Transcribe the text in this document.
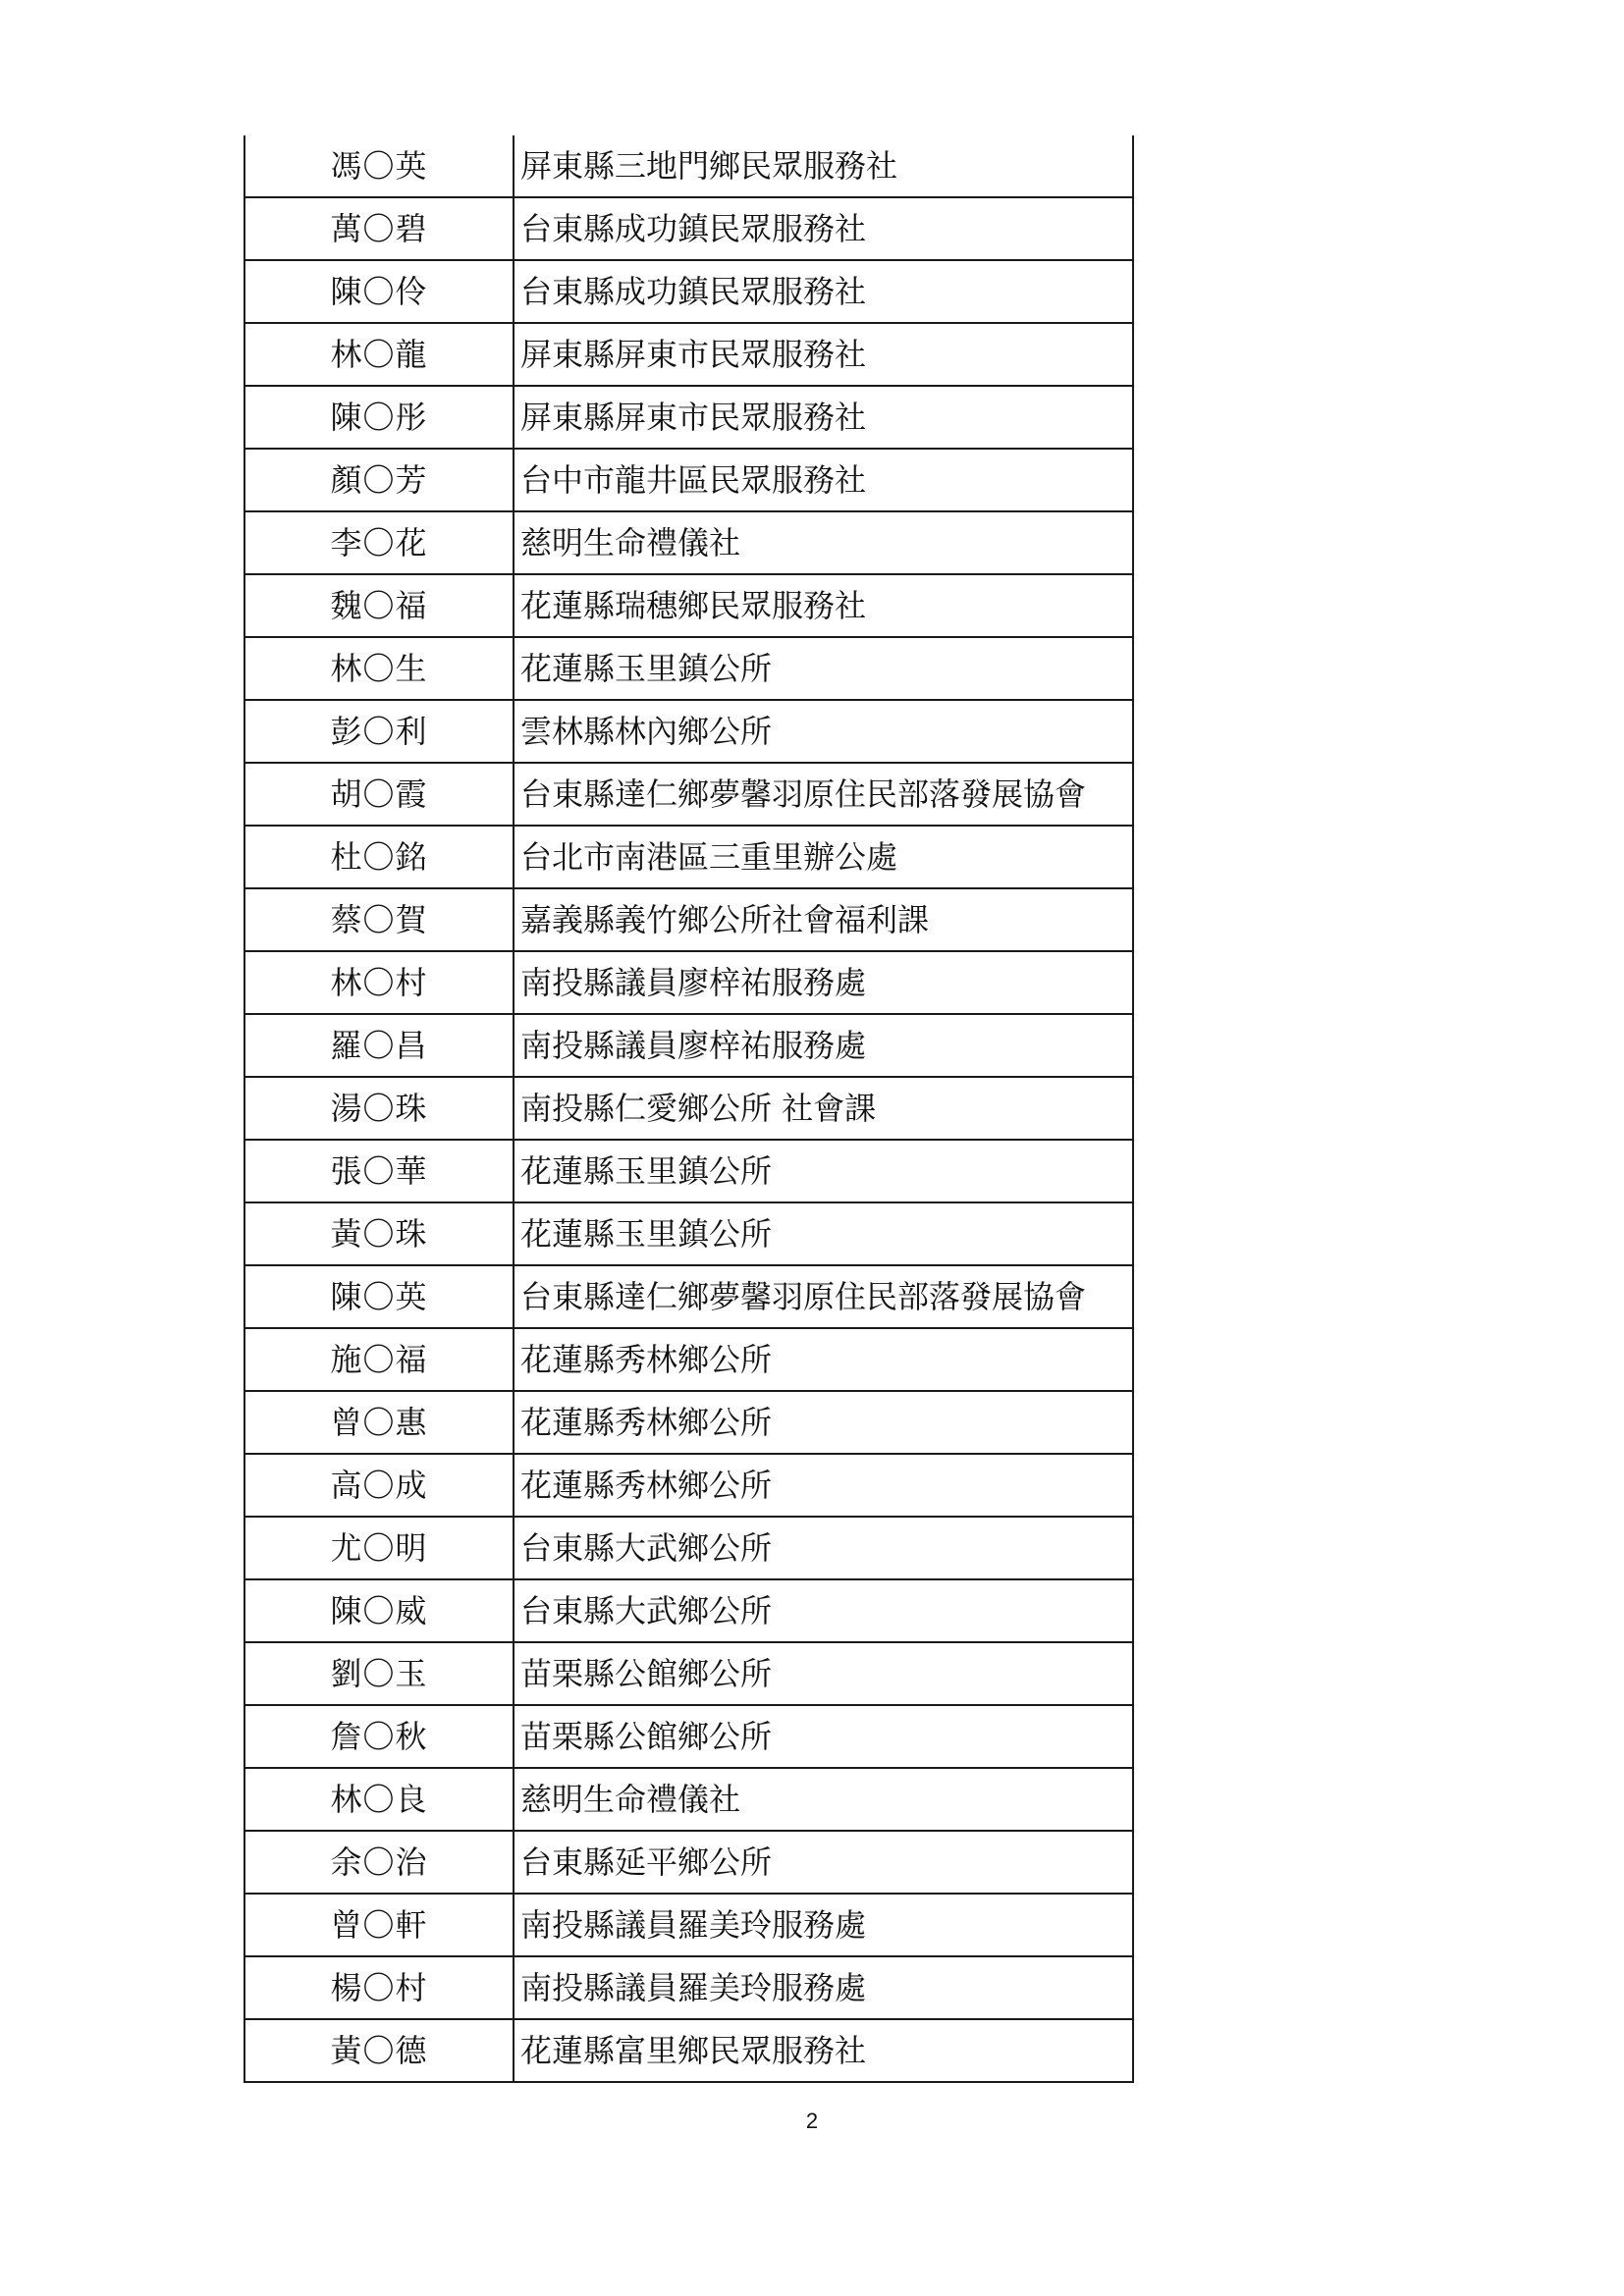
馮〇英	屏東縣三地門鄉民眾服務社
萬〇碧	台東縣成功鎮民眾服務社
陳〇伶	台東縣成功鎮民眾服務社
林〇龍	屏東縣屏東市民眾服務社
陳〇彤	屏東縣屏東市民眾服務社
顏〇芳	台中市龍井區民眾服務社
李〇花	慈明生命禮儀社
魏〇福	花蓮縣瑞穗鄉民眾服務社
林〇生	花蓮縣玉里鎮公所
彭〇利	雲林縣林內鄉公所
胡〇霞	台東縣達仁鄉夢馨羽原住民部落發展協會
杜〇銘	台北市南港區三重里辦公處
蔡〇賀	嘉義縣義竹鄉公所社會福利課
林〇村	南投縣議員廖梓祐服務處
羅〇昌	南投縣議員廖梓祐服務處
湯〇珠	南投縣仁愛鄉公所 社會課
張〇華	花蓮縣玉里鎮公所
黃〇珠	花蓮縣玉里鎮公所
陳〇英	台東縣達仁鄉夢馨羽原住民部落發展協會
施〇福	花蓮縣秀林鄉公所
曾〇惠	花蓮縣秀林鄉公所
高〇成	花蓮縣秀林鄉公所
尤〇明	台東縣大武鄉公所
陳〇威	台東縣大武鄉公所
劉〇玉	苗栗縣公館鄉公所
詹〇秋	苗栗縣公館鄉公所
林〇良	慈明生命禮儀社
余〇治	台東縣延平鄉公所
曾〇軒	南投縣議員羅美玲服務處
楊〇村	南投縣議員羅美玲服務處
黃〇德	花蓮縣富里鄉民眾服務社
2
